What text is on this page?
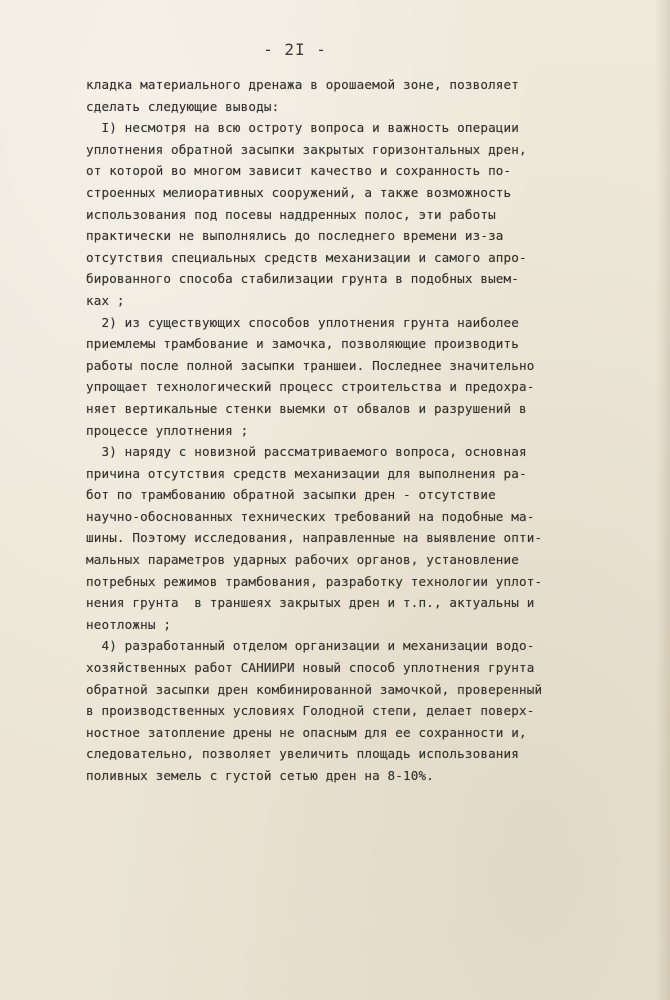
- 2I -
кладка материального дренажа в орошаемой зоне, позволяет
сделать следующие выводы:
I) несмотря на всю остроту вопроса и важность операции
уплотнения обратной засыпки закрытых горизонтальных дрен,
от которой во многом зависит качество и сохранность по-
строенных мелиоративных сооружений, а также возможность
использования под посевы наддренных полос, эти работы
практически не выполнялись до последнего времени из-за
отсутствия специальных средств механизации и самого апро-
бированного способа стабилизации грунта в подобных выем-
ках ;
2) из существующих способов уплотнения грунта наиболее
приемлемы трамбование и замочка, позволяющие производить
работы после полной засыпки траншеи. Последнее значительно
упрощает технологический процесс строительства и предохра-
няет вертикальные стенки выемки от обвалов и разрушений в
процессе уплотнения ;
3) наряду с новизной рассматриваемого вопроса, основная
причина отсутствия средств механизации для выполнения ра-
бот по трамбованию обратной засыпки дрен - отсутствие
научно-обоснованных технических требований на подобные ма-
шины. Поэтому исследования, направленные на выявление опти-
мальных параметров ударных рабочих органов, установление
потребных режимов трамбования, разработку технологии уплот-
нения грунта  в траншеях закрытых дрен и т.п., актуальны и
неотложны ;
4) разработанный отделом организации и механизации водо-
хозяйственных работ САНИИРИ новый способ уплотнения грунта
обратной засыпки дрен комбинированной замочкой, проверенный
в производственных условиях Голодной степи, делает поверх-
ностное затопление дрены не опасным для ее сохранности и,
следовательно, позволяет увеличить площадь использования
поливных земель с густой сетью дрен на 8-10%.
